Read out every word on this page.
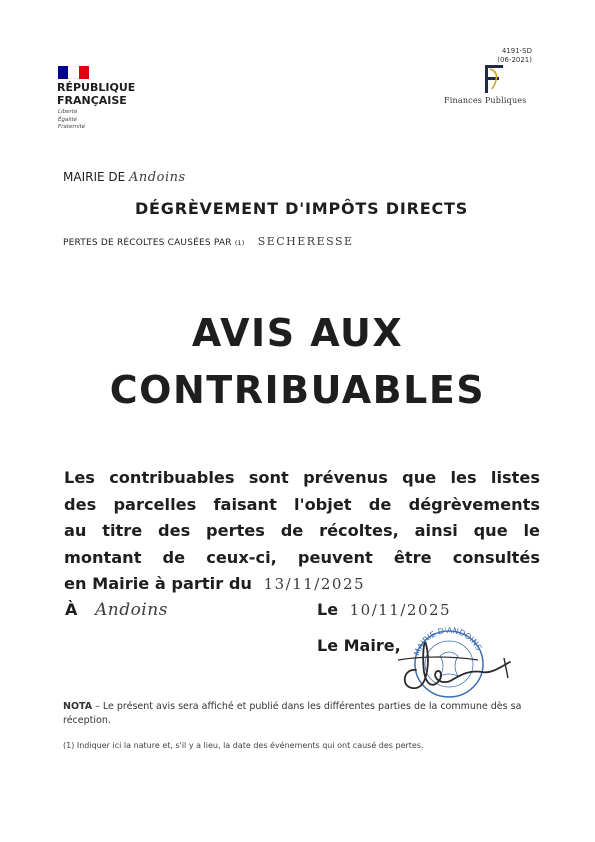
RÉPUBLIQUE
FRANÇAISE
Liberté
Égalité
Fraternité
4191-SD
(06-2021)
F
Finances Publiques
MAIRIE DE Andoins
DÉGRÈVEMENT D'IMPÔTS DIRECTS
PERTES DE RÉCOLTES CAUSÉES PAR (1) SECHERESSE
AVIS AUX
CONTRIBUABLES
Les contribuables sont prévenus que les listes
des parcelles faisant l'objet de dégrèvements
au titre des pertes de récoltes, ainsi que le
montant de ceux-ci, peuvent être consultés
en Mairie à partir du 13/11/2025
À Andoins	Le 10/11/2025
Le Maire, MAIRIE D'ANDOINS
NOTA – Le présent avis sera affiché et publié dans les différentes parties de la commune dès sa réception.
(1) Indiquer ici la nature et, s'il y a lieu, la date des événements qui ont causé des pertes.
